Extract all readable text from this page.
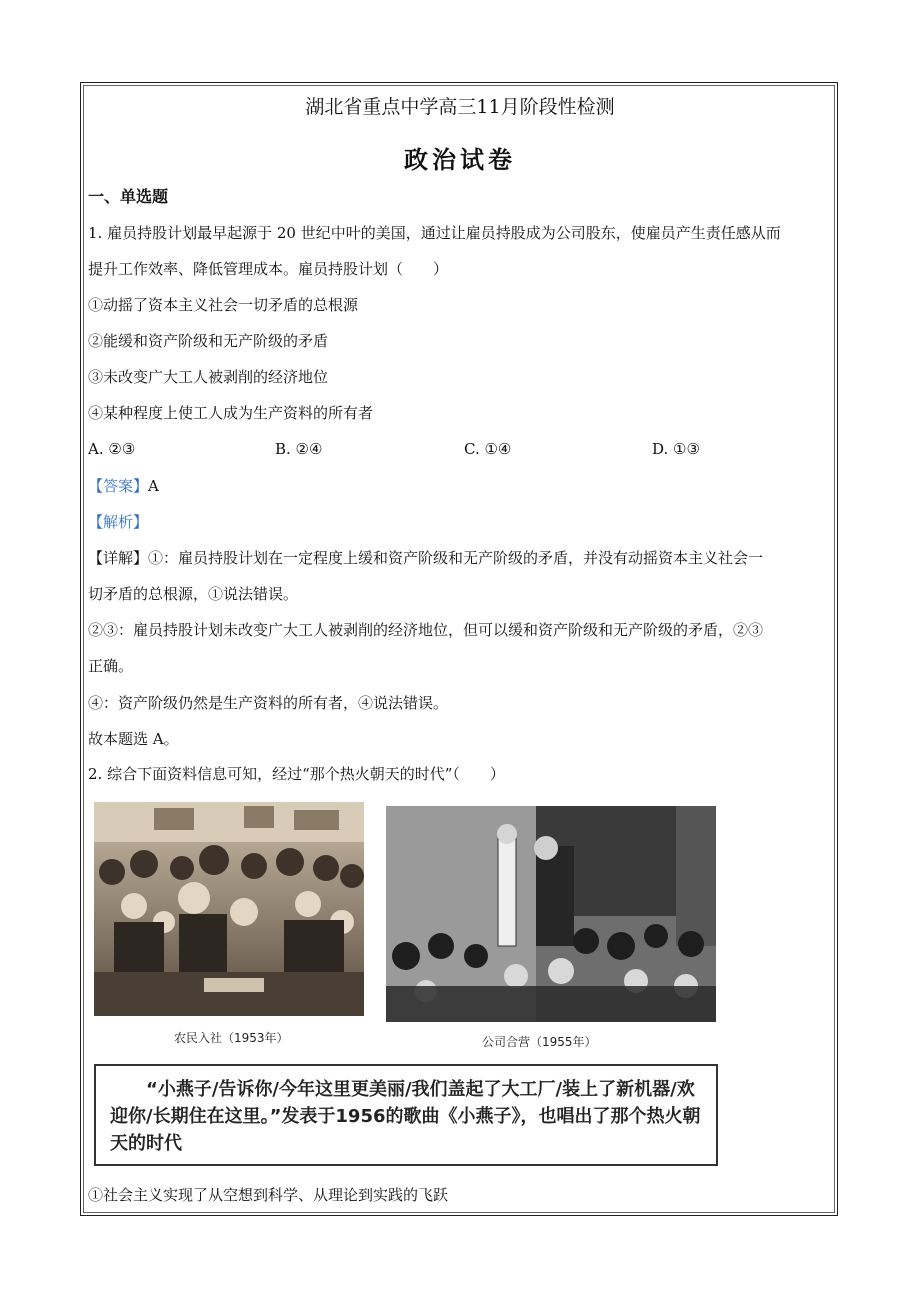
湖北省重点中学高三11月阶段性检测
政治试卷
一、单选题
1. 雇员持股计划最早起源于 20 世纪中叶的美国，通过让雇员持股成为公司股东，使雇员产生责任感从而
提升工作效率、降低管理成本。雇员持股计划（　　）
①动摇了资本主义社会一切矛盾的总根源
②能缓和资产阶级和无产阶级的矛盾
③未改变广大工人被剥削的经济地位
④某种程度上使工人成为生产资料的所有者
A. ②③	B. ②④	C. ①④	D. ①③
【答案】A
【解析】
【详解】①：雇员持股计划在一定程度上缓和资产阶级和无产阶级的矛盾，并没有动摇资本主义社会一
切矛盾的总根源，①说法错误。
②③：雇员持股计划未改变广大工人被剥削的经济地位，但可以缓和资产阶级和无产阶级的矛盾，②③
正确。
④：资产阶级仍然是生产资料的所有者，④说法错误。
故本题选 A。
2. 综合下面资料信息可知，经过“那个热火朝天的时代”（　　）
农民入社（1953年）	公司合营（1955年）
“小燕子/告诉你/今年这里更美丽/我们盖起了大工厂/装上了新机器/欢迎你/长期住在这里。”发表于1956的歌曲《小燕子》，也唱出了那个热火朝天的时代
①社会主义实现了从空想到科学、从理论到实践的飞跃
